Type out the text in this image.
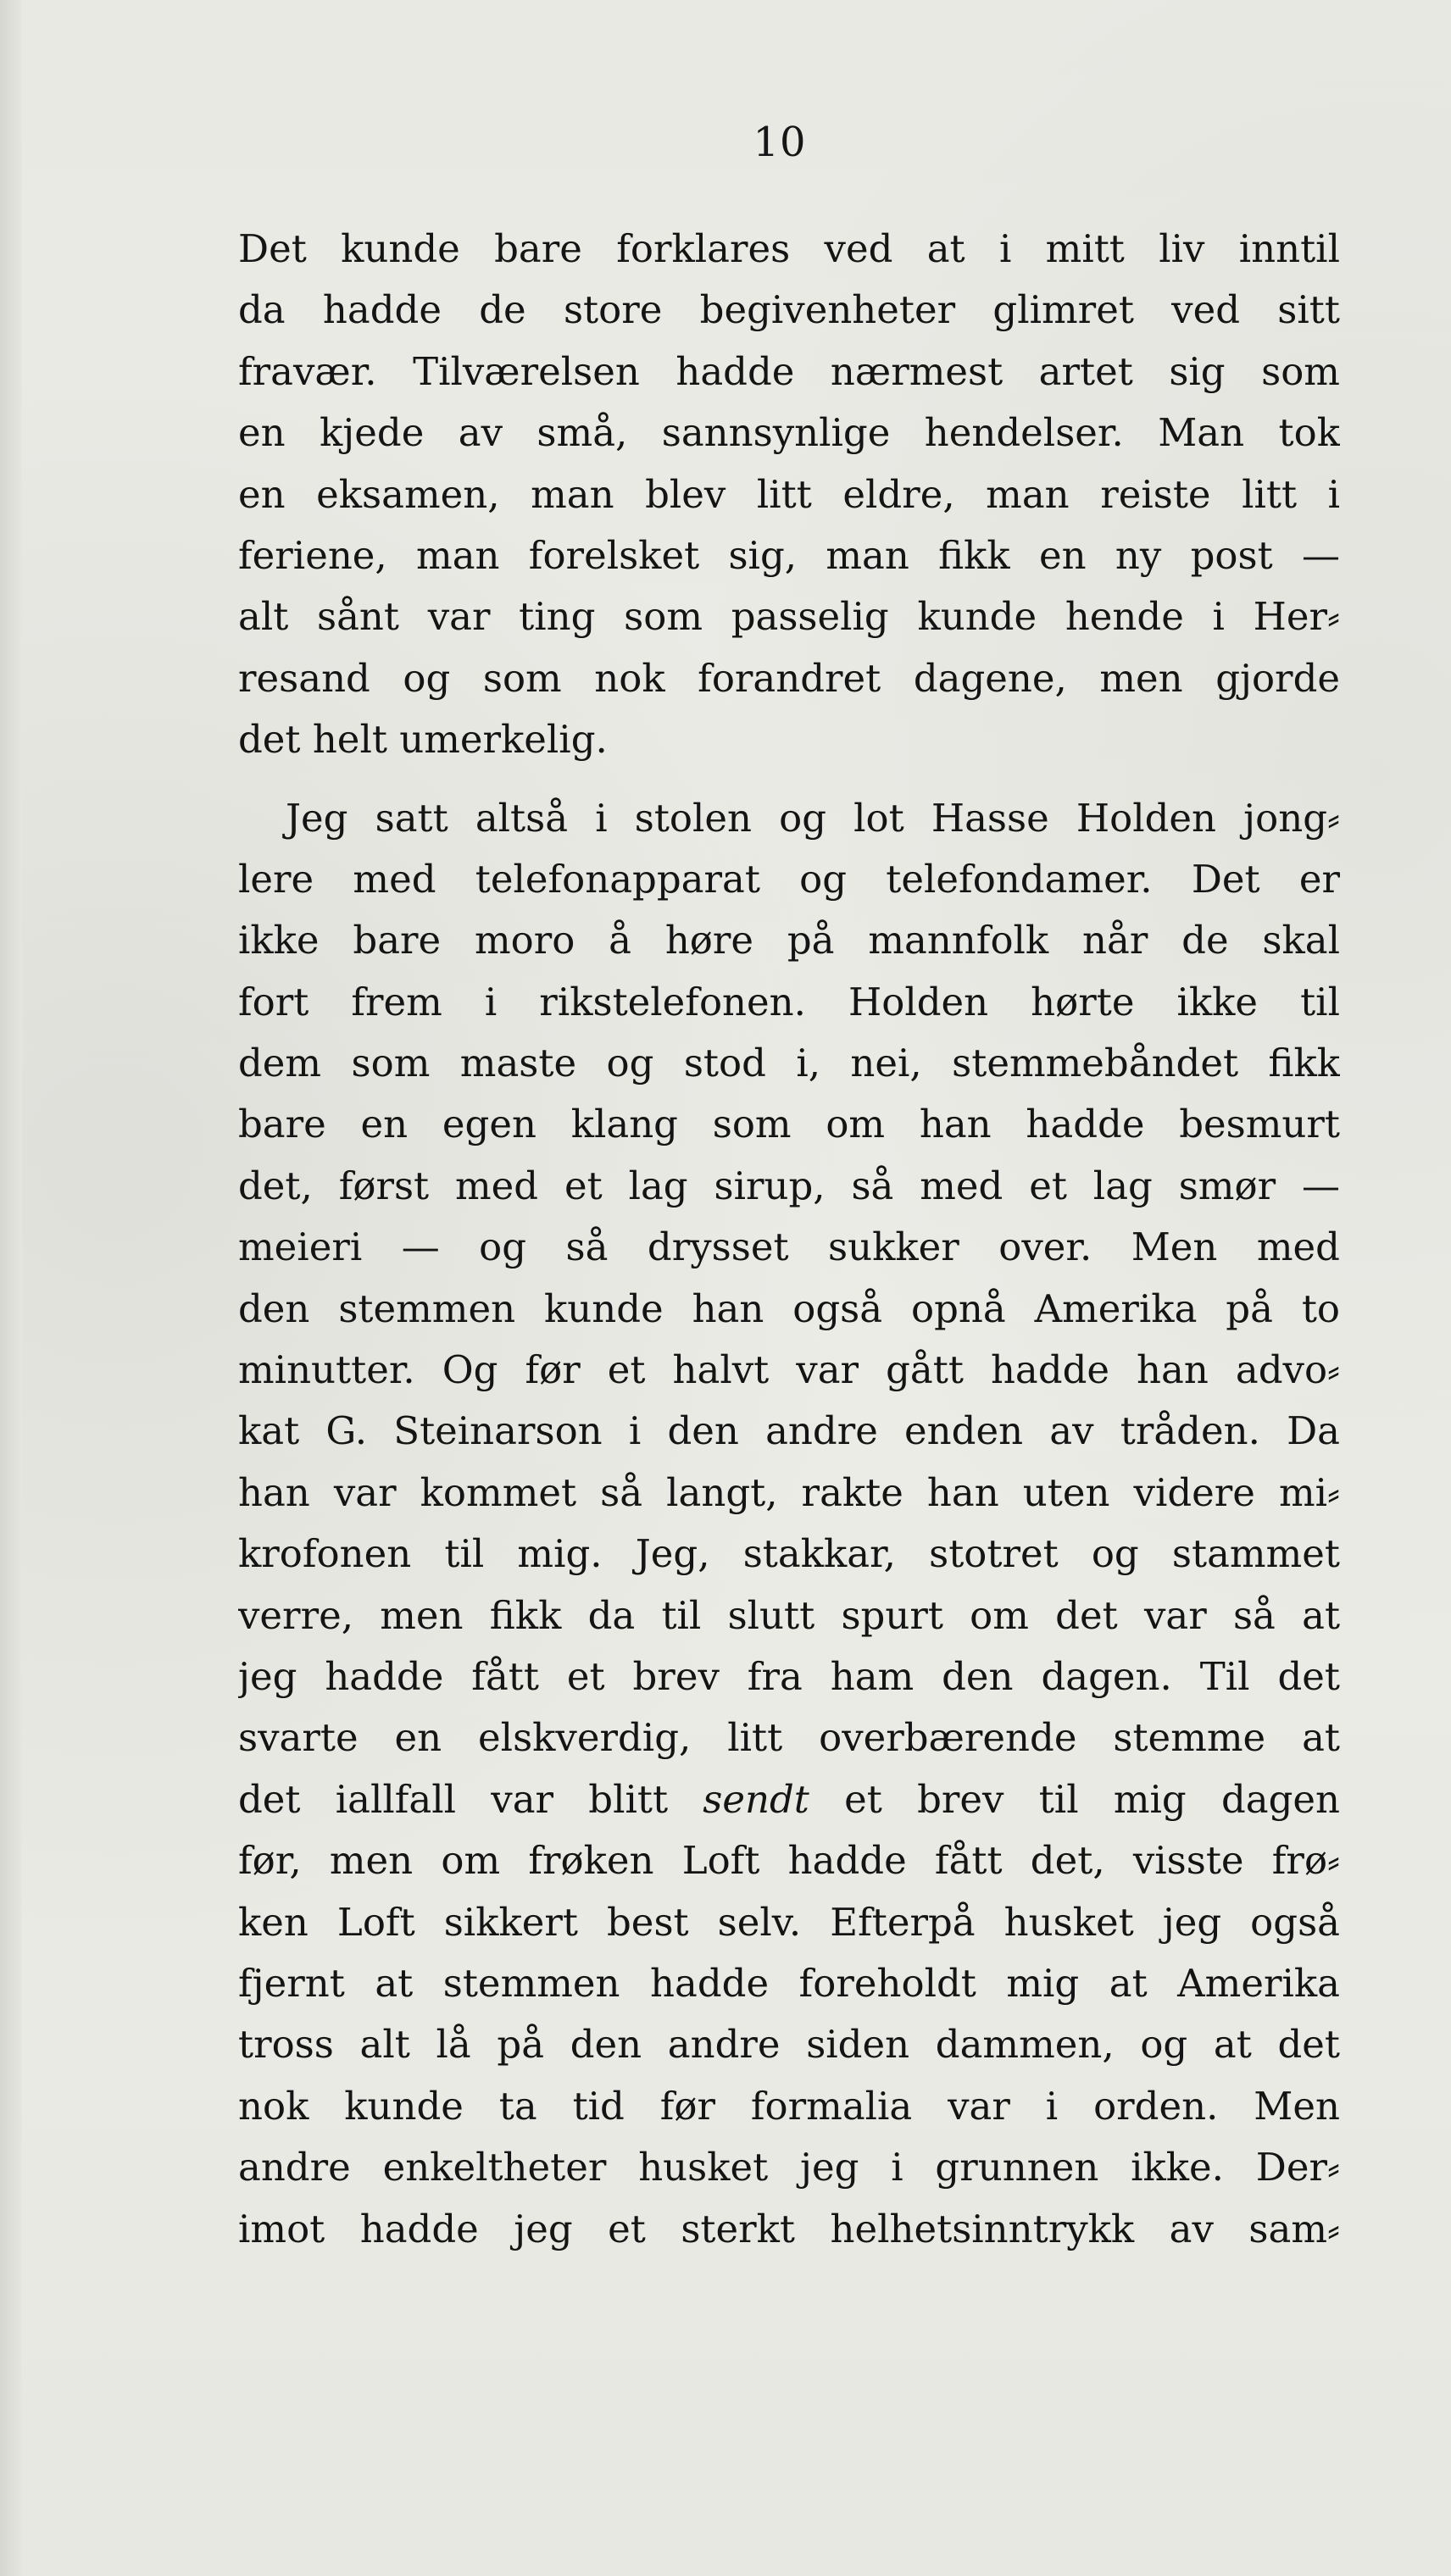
10
Det kunde bare forklares ved at i mitt liv inntil
da hadde de store begivenheter glimret ved sitt
fravær. Tilværelsen hadde nærmest artet sig som
en kjede av små, sannsynlige hendelser. Man tok
en eksamen, man blev litt eldre, man reiste litt i
feriene, man forelsket sig, man fikk en ny post —
alt sånt var ting som passelig kunde hende i Her⸗
resand og som nok forandret dagene, men gjorde
det helt umerkelig.
Jeg satt altså i stolen og lot Hasse Holden jong⸗
lere med telefonapparat og telefondamer. Det er
ikke bare moro å høre på mannfolk når de skal
fort frem i rikstelefonen. Holden hørte ikke til
dem som maste og stod i, nei, stemmebåndet fikk
bare en egen klang som om han hadde besmurt
det, først med et lag sirup, så med et lag smør —
meieri — og så drysset sukker over. Men med
den stemmen kunde han også opnå Amerika på to
minutter. Og før et halvt var gått hadde han advo⸗
kat G. Steinarson i den andre enden av tråden. Da
han var kommet så langt, rakte han uten videre mi⸗
krofonen til mig. Jeg, stakkar, stotret og stammet
verre, men fikk da til slutt spurt om det var så at
jeg hadde fått et brev fra ham den dagen. Til det
svarte en elskverdig, litt overbærende stemme at
det iallfall var blitt sendt et brev til mig dagen
før, men om frøken Loft hadde fått det, visste frø⸗
ken Loft sikkert best selv. Efterpå husket jeg også
fjernt at stemmen hadde foreholdt mig at Amerika
tross alt lå på den andre siden dammen, og at det
nok kunde ta tid før formalia var i orden. Men
andre enkeltheter husket jeg i grunnen ikke. Der⸗
imot hadde jeg et sterkt helhetsinntrykk av sam⸗
